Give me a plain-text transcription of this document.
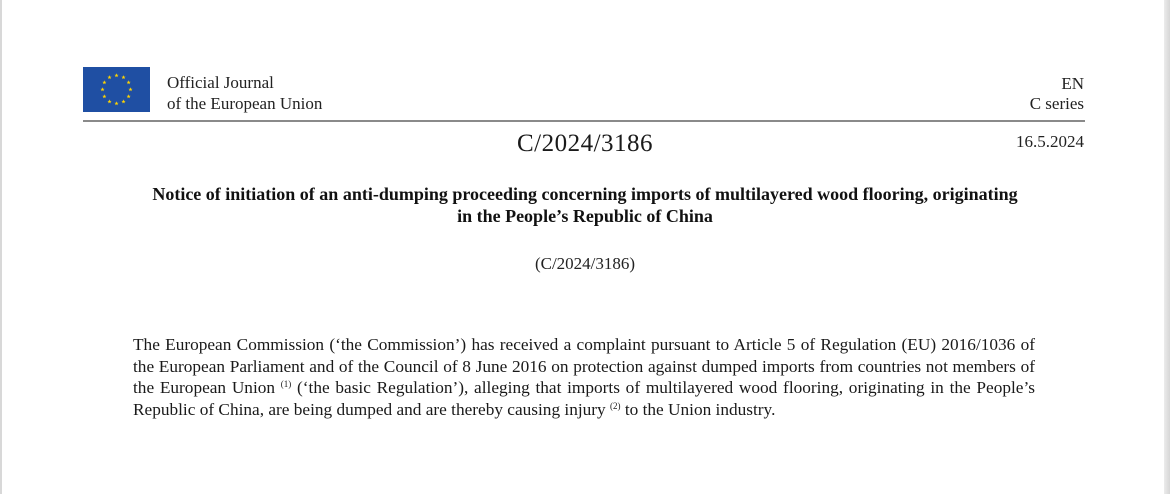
Official Journal
of the European Union
EN
C series
C/2024/3186	16.5.2024
Notice of initiation of an anti-dumping proceeding concerning imports of multilayered wood flooring, originating in the People’s Republic of China
(C/2024/3186)
The European Commission (‘the Commission’) has received a complaint pursuant to Article 5 of Regulation (EU) 2016/1036 of the European Parliament and of the Council of 8 June 2016 on protection against dumped imports from countries not members of the European Union $^{(1)}$ (‘the basic Regulation’), alleging that imports of multilayered wood flooring, originating in the People’s Republic of China, are being dumped and are thereby causing injury $^{(2)}$ to the Union industry.
